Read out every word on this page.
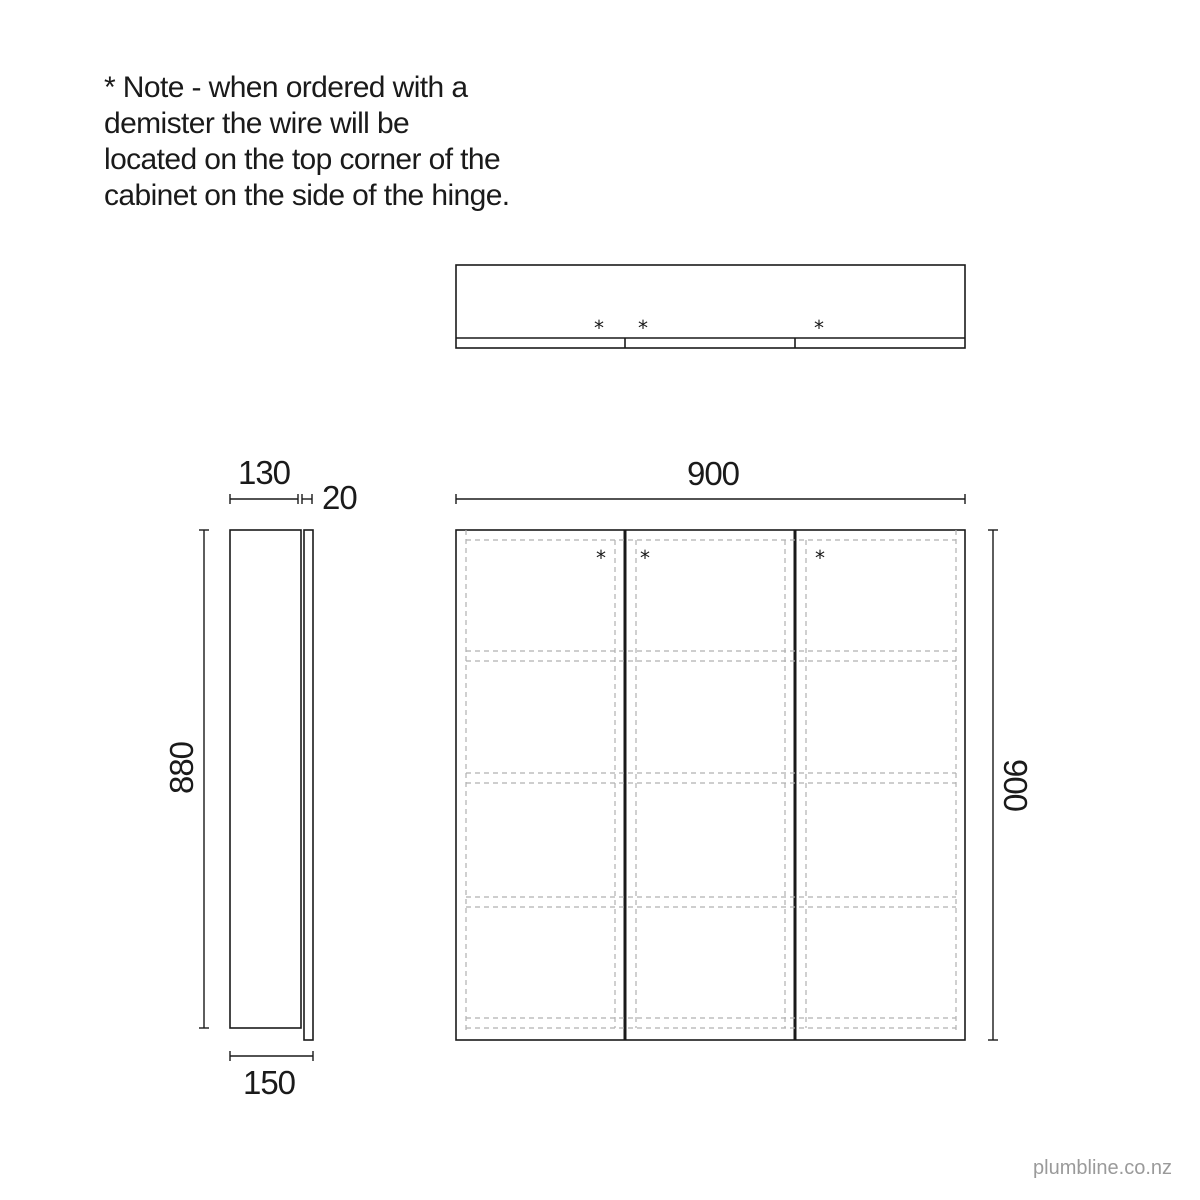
* Note - when ordered with a
demister the wire will be
located on the top corner of the
cabinet on the side of the hinge.
* *	*
130
20
880
150
* *	*
900
900
plumbline.co.nz
